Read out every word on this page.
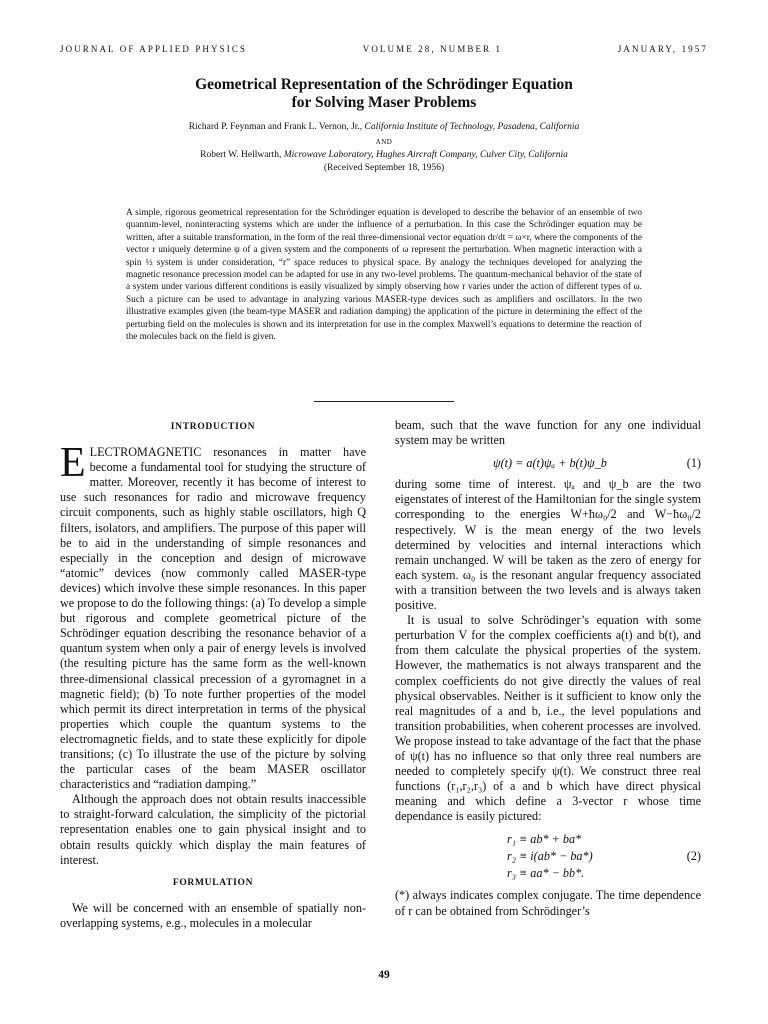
JOURNAL OF APPLIED PHYSICS	VOLUME 28, NUMBER 1	JANUARY, 1957
Geometrical Representation of the Schrödinger Equation
for Solving Maser Problems
Richard P. Feynman and Frank L. Vernon, Jr., California Institute of Technology, Pasadena, California
AND
Robert W. Hellwarth, Microwave Laboratory, Hughes Aircraft Company, Culver City, California
(Received September 18, 1956)

A simple, rigorous geometrical representation for the Schrödinger equation is developed to describe the behavior of an ensemble of two quantum-level, noninteracting systems which are under the influence of a perturbation. In this case the Schrödinger equation may be written, after a suitable transformation, in the form of the real three-dimensional vector equation dr/dt = ω×r, where the components of the vector r uniquely determine ψ of a given system and the components of ω represent the perturbation. When magnetic interaction with a spin ½ system is under consideration, “r” space reduces to physical space. By analogy the techniques developed for analyzing the magnetic resonance precession model can be adapted for use in any two-level problems. The quantum-mechanical behavior of the state of a system under various different conditions is easily visualized by simply observing how r varies under the action of different types of ω. Such a picture can be used to advantage in analyzing various MASER-type devices such as amplifiers and oscillators. In the two illustrative examples given (the beam-type MASER and radiation damping) the application of the picture in determining the effect of the perturbing field on the molecules is shown and its interpretation for use in the complex Maxwell’s equations to determine the reaction of the molecules back on the field is given.

INTRODUCTION

ELECTROMAGNETIC resonances in matter have become a fundamental tool for studying the structure of matter. Moreover, recently it has become of interest to use such resonances for radio and microwave frequency circuit components, such as highly stable oscillators, high Q filters, isolators, and amplifiers. The purpose of this paper will be to aid in the understanding of simple resonances and especially in the conception and design of microwave “atomic” devices (now commonly called MASER-type devices) which involve these simple resonances. In this paper we propose to do the following things: (a) To develop a simple but rigorous and complete geometrical picture of the Schrödinger equation describing the resonance behavior of a quantum system when only a pair of energy levels is involved (the resulting picture has the same form as the well-known three-dimensional classical precession of a gyromagnet in a magnetic field); (b) To note further properties of the model which permit its direct interpretation in terms of the physical properties which couple the quantum systems to the electromagnetic fields, and to state these explicitly for dipole transitions; (c) To illustrate the use of the picture by solving the particular cases of the beam MASER oscillator characteristics and “radiation damping.”

Although the approach does not obtain results inaccessible to straight-forward calculation, the simplicity of the pictorial representation enables one to gain physical insight and to obtain results quickly which display the main features of interest.

FORMULATION

We will be concerned with an ensemble of spatially non-overlapping systems, e.g., molecules in a molecular

beam, such that the wave function for any one individual system may be written

ψ(t) = a(t)ψₐ + b(t)ψ_b	(1)

during some time of interest. ψₐ and ψ_b are the two eigenstates of interest of the Hamiltonian for the single system corresponding to the energies W+ħω₀/2 and W−ħω₀/2 respectively. W is the mean energy of the two levels determined by velocities and internal interactions which remain unchanged. W will be taken as the zero of energy for each system. ω₀ is the resonant angular frequency associated with a transition between the two levels and is always taken positive.

It is usual to solve Schrödinger’s equation with some perturbation V for the complex coefficients a(t) and b(t), and from them calculate the physical properties of the system. However, the mathematics is not always transparent and the complex coefficients do not give directly the values of real physical observables. Neither is it sufficient to know only the real magnitudes of a and b, i.e., the level populations and transition probabilities, when coherent processes are involved. We propose instead to take advantage of the fact that the phase of ψ(t) has no influence so that only three real numbers are needed to completely specify ψ(t). We construct three real functions (r₁,r₂,r₃) of a and b which have direct physical meaning and which define a 3-vector r whose time dependance is easily pictured:

r₁ ≡ ab* + ba*
r₂ ≡ i(ab* − ba*)
r₃ ≡ aa* − bb*.
(2)

(*) always indicates complex conjugate. The time dependence of r can be obtained from Schrödinger’s

49
